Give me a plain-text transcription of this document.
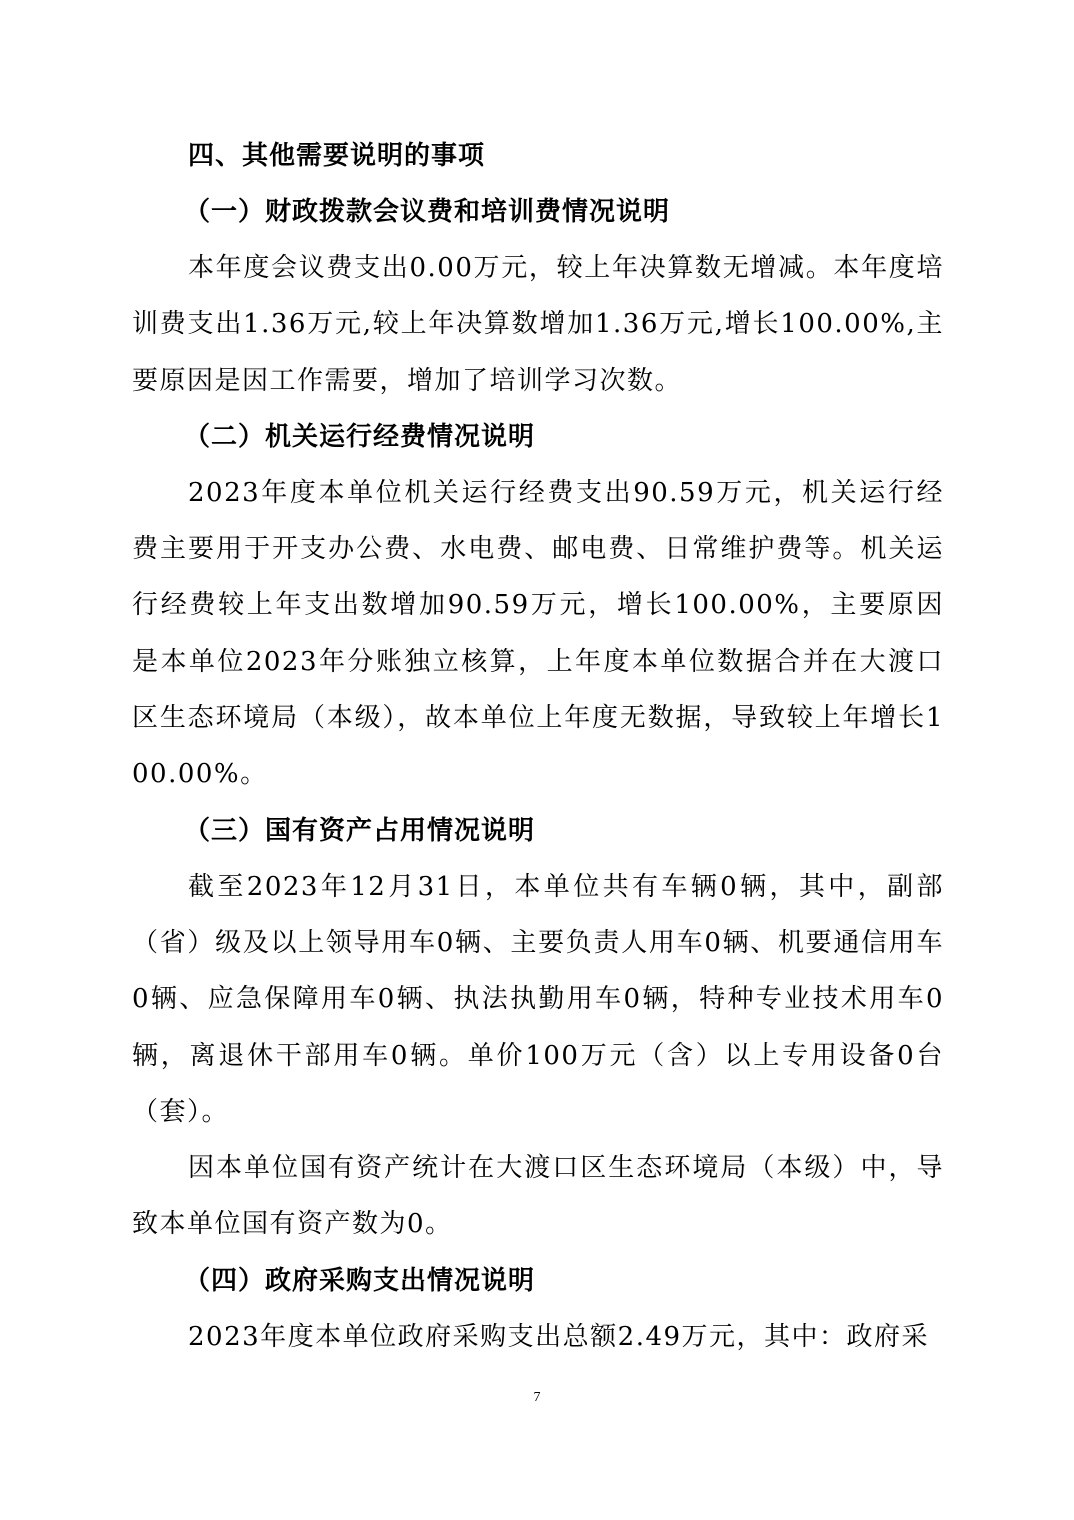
四、其他需要说明的事项
（一）财政拨款会议费和培训费情况说明

本年度会议费支出0.00万元，较上年决算数无增减。本年度培训费支出1.36万元,较上年决算数增加1.36万元,增长100.00%,主要原因是因工作需要，增加了培训学习次数。

（二）机关运行经费情况说明

2023年度本单位机关运行经费支出90.59万元，机关运行经费主要用于开支办公费、水电费、邮电费、日常维护费等。机关运行经费较上年支出数增加90.59万元，增长100.00%，主要原因是本单位2023年分账独立核算，上年度本单位数据合并在大渡口区生态环境局（本级），故本单位上年度无数据，导致较上年增长100.00%。

（三）国有资产占用情况说明

截至2023年12月31日，本单位共有车辆0辆，其中，副部（省）级及以上领导用车0辆、主要负责人用车0辆、机要通信用车0辆、应急保障用车0辆、执法执勤用车0辆，特种专业技术用车0辆，离退休干部用车0辆。单价100万元（含）以上专用设备0台（套）。

因本单位国有资产统计在大渡口区生态环境局（本级）中，导致本单位国有资产数为0。

（四）政府采购支出情况说明

2023年度本单位政府采购支出总额2.49万元，其中：政府采

7
